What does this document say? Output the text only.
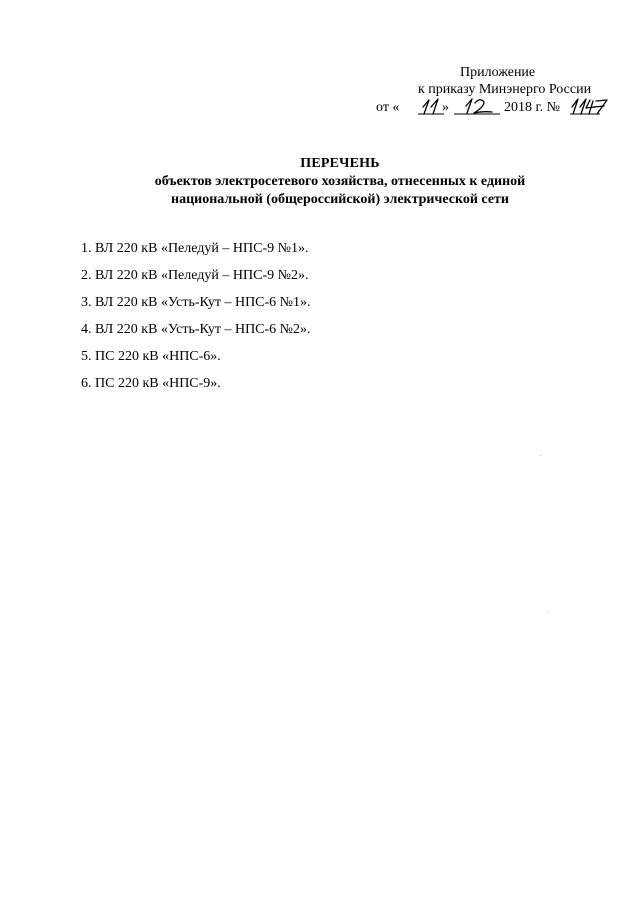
Приложение
к приказу Минэнерго России
от «	»	2018 г. №
ПЕРЕЧЕНЬ
объектов электросетевого хозяйства, отнесенных к единой
национальной (общероссийской) электрической сети
1. ВЛ 220 кВ «Пеледуй – НПС-9 №1».
2. ВЛ 220 кВ «Пеледуй – НПС-9 №2».
3. ВЛ 220 кВ «Усть-Кут – НПС-6 №1».
4. ВЛ 220 кВ «Усть-Кут – НПС-6 №2».
5. ПС 220 кВ «НПС-6».
6. ПС 220 кВ «НПС-9».
